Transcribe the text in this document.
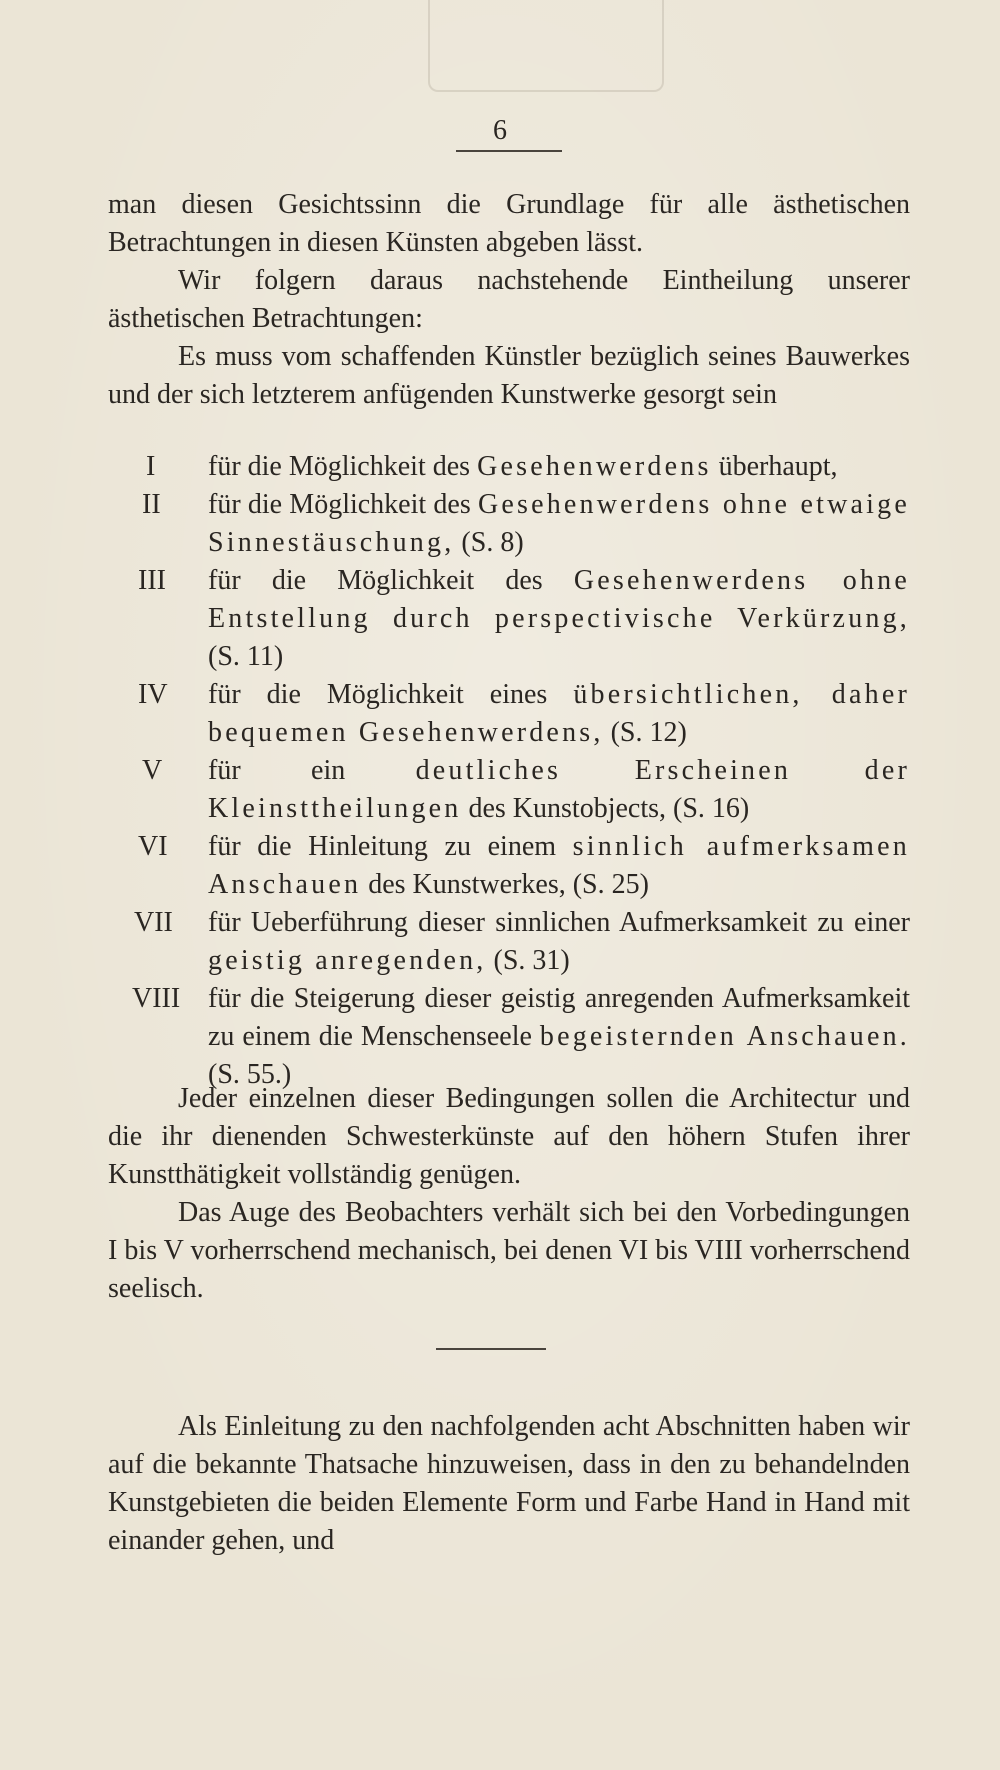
6

man diesen Gesichtssinn die Grundlage für alle ästhetischen Betrachtungen in diesen Künsten abgeben lässt.

Wir folgern daraus nachstehende Eintheilung unserer ästhetischen Betrachtungen:

Es muss vom schaffenden Künstler bezüglich seines Bauwerkes und der sich letzterem anfügenden Kunstwerke gesorgt sein

I	für die Möglichkeit des Gesehenwerdens überhaupt,
II	für die Möglichkeit des Gesehenwerdens ohne etwaige Sinnestäuschung, (S. 8)
III	für die Möglichkeit des Gesehenwerdens ohne Entstellung durch perspectivische Verkürzung, (S. 11)
IV	für die Möglichkeit eines übersichtlichen, daher bequemen Gesehenwerdens, (S. 12)
V	für ein deutliches Erscheinen der Kleinsttheilungen des Kunstobjects, (S. 16)
VI	für die Hinleitung zu einem sinnlich aufmerksamen Anschauen des Kunstwerkes, (S. 25)
VII	für Ueberführung dieser sinnlichen Aufmerksamkeit zu einer geistig anregenden, (S. 31)
VIII für die Steigerung dieser geistig anregenden Aufmerksamkeit zu einem die Menschenseele begeisternden Anschauen. (S. 55.)

Jeder einzelnen dieser Bedingungen sollen die Architectur und die ihr dienenden Schwesterkünste auf den höhern Stufen ihrer Kunstthätigkeit vollständig genügen.

Das Auge des Beobachters verhält sich bei den Vorbedingungen I bis V vorherrschend mechanisch, bei denen VI bis VIII vorherrschend seelisch.

Als Einleitung zu den nachfolgenden acht Abschnitten haben wir auf die bekannte Thatsache hinzuweisen, dass in den zu behandelnden Kunstgebieten die beiden Elemente Form und Farbe Hand in Hand mit einander gehen, und
